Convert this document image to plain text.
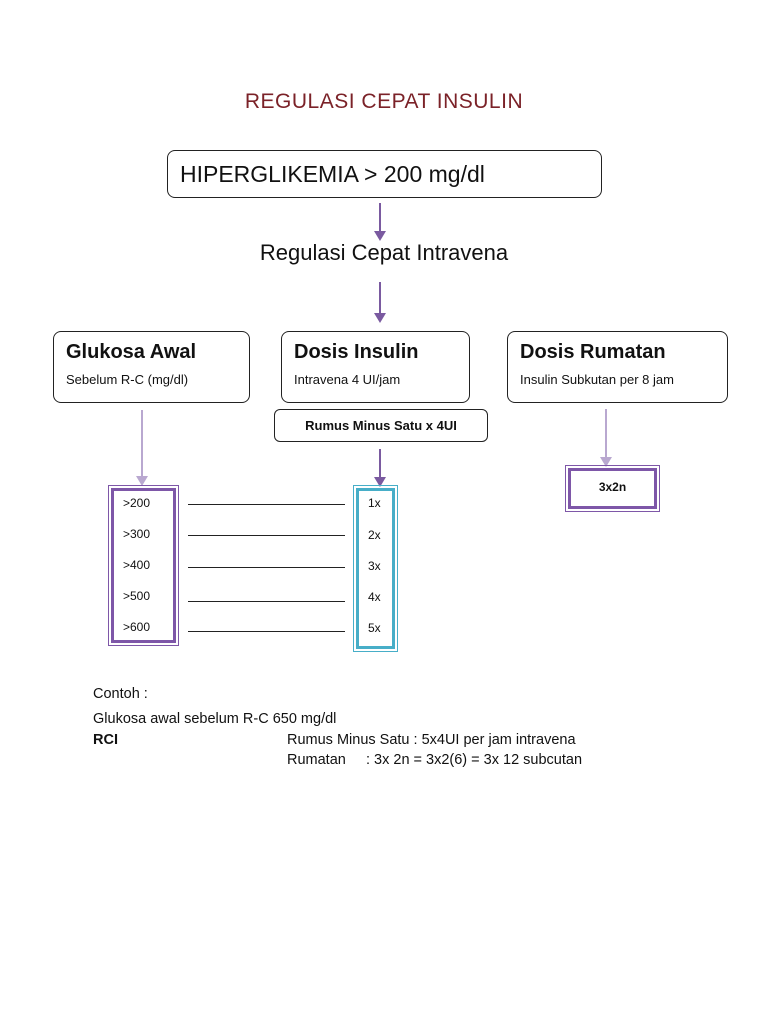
REGULASI CEPAT INSULIN
HIPERGLIKEMIA > 200 mg/dl
Regulasi Cepat Intravena
Glukosa Awal
Sebelum R-C (mg/dl)
Dosis Insulin
Intravena 4 UI/jam
Dosis Rumatan
Insulin Subkutan per 8 jam
Rumus Minus Satu x 4UI
>200
>300
>400
>500
>600
1x
2x
3x
4x
5x
3x2n
Contoh :
Glukosa awal sebelum R-C 650 mg/dl
RCI	Rumus Minus Satu : 5x4UI per jam intravena
Rumatan     : 3x 2n = 3x2(6) = 3x 12 subcutan
